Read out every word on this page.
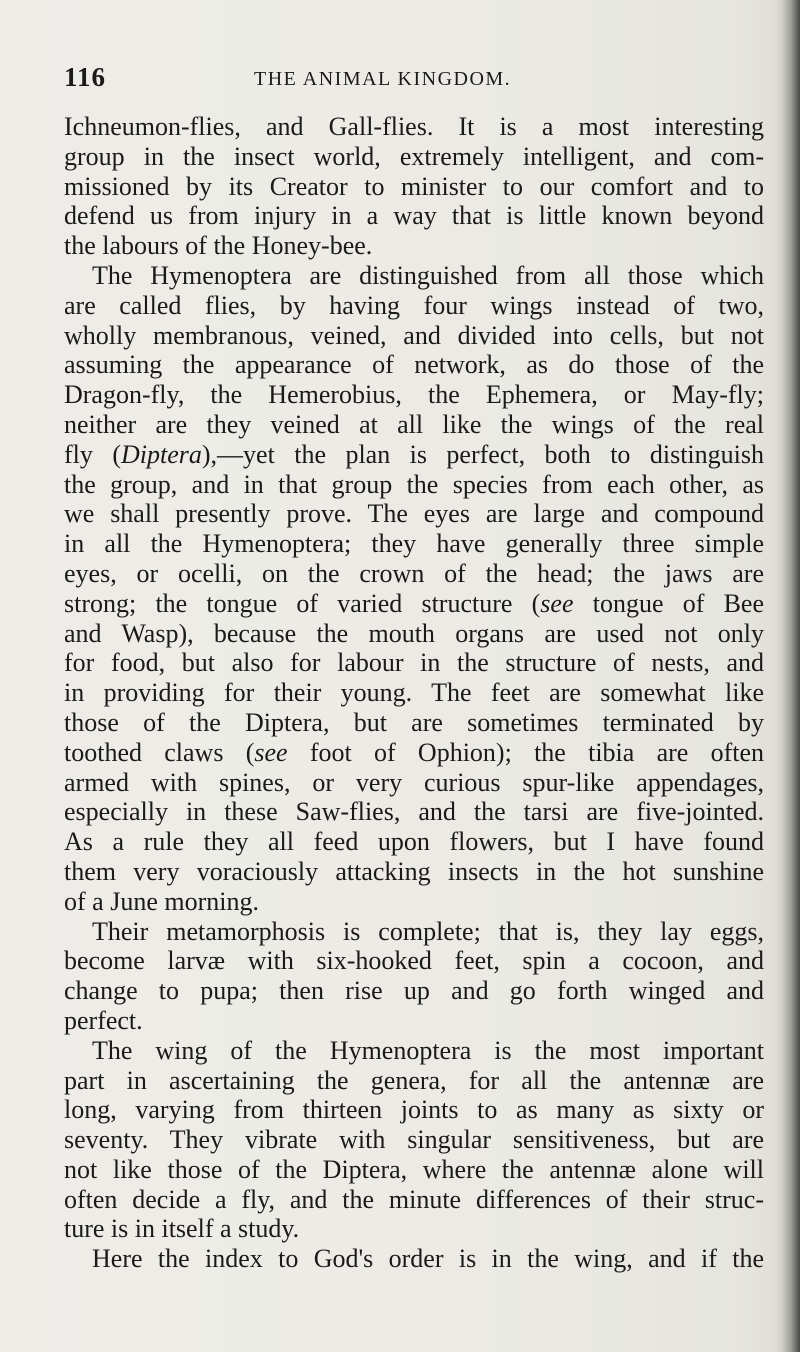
116	THE ANIMAL KINGDOM.
Ichneumon-flies, and Gall-flies. It is a most interesting
group in the insect world, extremely intelligent, and com-
missioned by its Creator to minister to our comfort and to
defend us from injury in a way that is little known beyond
the labours of the Honey-bee.
The Hymenoptera are distinguished from all those which
are called flies, by having four wings instead of two,
wholly membranous, veined, and divided into cells, but not
assuming the appearance of network, as do those of the
Dragon-fly, the Hemerobius, the Ephemera, or May-fly;
neither are they veined at all like the wings of the real
fly (Diptera),—yet the plan is perfect, both to distinguish
the group, and in that group the species from each other, as
we shall presently prove. The eyes are large and compound
in all the Hymenoptera; they have generally three simple
eyes, or ocelli, on the crown of the head; the jaws are
strong; the tongue of varied structure (see tongue of Bee
and Wasp), because the mouth organs are used not only
for food, but also for labour in the structure of nests, and
in providing for their young. The feet are somewhat like
those of the Diptera, but are sometimes terminated by
toothed claws (see foot of Ophion); the tibia are often
armed with spines, or very curious spur-like appendages,
especially in these Saw-flies, and the tarsi are five-jointed.
As a rule they all feed upon flowers, but I have found
them very voraciously attacking insects in the hot sunshine
of a June morning.
Their metamorphosis is complete; that is, they lay eggs,
become larvæ with six-hooked feet, spin a cocoon, and
change to pupa; then rise up and go forth winged and
perfect.
The wing of the Hymenoptera is the most important
part in ascertaining the genera, for all the antennæ are
long, varying from thirteen joints to as many as sixty or
seventy. They vibrate with singular sensitiveness, but are
not like those of the Diptera, where the antennæ alone will
often decide a fly, and the minute differences of their struc-
ture is in itself a study.
Here the index to God's order is in the wing, and if the
